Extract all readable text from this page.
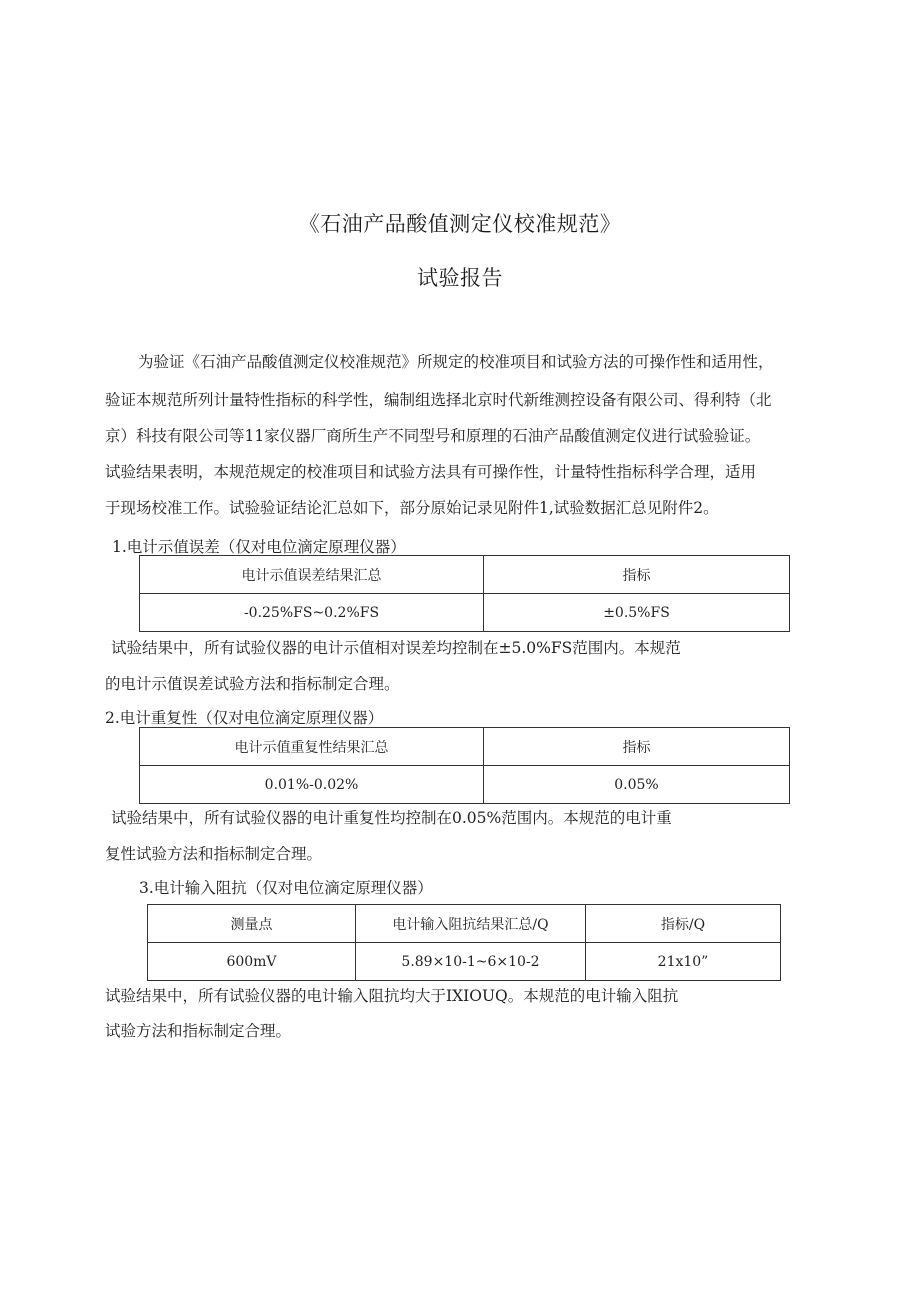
《石油产品酸值测定仪校准规范》
试验报告
为验证《石油产品酸值测定仪校准规范》所规定的校准项目和试验方法的可操作性和适用性，
验证本规范所列计量特性指标的科学性，编制组选择北京时代新维测控设备有限公司、得利特（北
京）科技有限公司等11家仪器厂商所生产不同型号和原理的石油产品酸值测定仪进行试验验证。
试验结果表明，本规范规定的校准项目和试验方法具有可操作性，计量特性指标科学合理，适用
于现场校准工作。试验验证结论汇总如下，部分原始记录见附件1,试验数据汇总见附件2。
1.电计示值误差（仅对电位滴定原理仪器）
电计示值误差结果汇总	指标
-0.25%FS~0.2%FS	±0.5%FS
试验结果中，所有试验仪器的电计示值相对误差均控制在±5.0%FS范围内。本规范
的电计示值误差试验方法和指标制定合理。
2.电计重复性（仅对电位滴定原理仪器）
电计示值重复性结果汇总	指标
0.01%-0.02%	0.05%
试验结果中，所有试验仪器的电计重复性均控制在0.05%范围内。本规范的电计重
复性试验方法和指标制定合理。
3.电计输入阻抗（仅对电位滴定原理仪器）
测量点	电计输入阻抗结果汇总/Q	指标/Q
600mV	5.89×10-1~6×10-2	21x10”
试验结果中，所有试验仪器的电计输入阻抗均大于IXIOUQ。本规范的电计输入阻抗
试验方法和指标制定合理。
